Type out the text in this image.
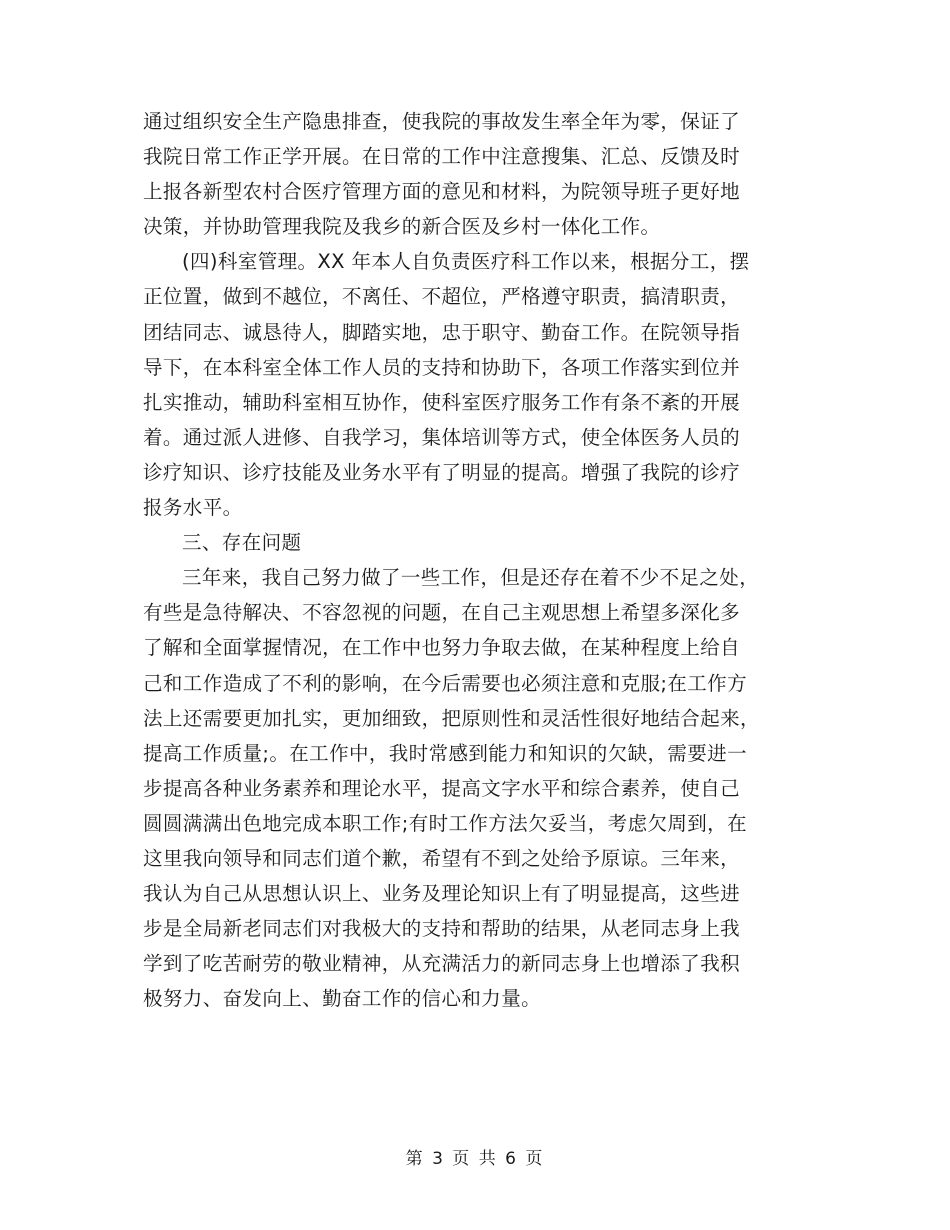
通过组织安全生产隐患排查，使我院的事故发生率全年为零，保证了
我院日常工作正学开展。在日常的工作中注意搜集、汇总、反馈及时
上报各新型农村合医疗管理方面的意见和材料，为院领导班子更好地
决策，并协助管理我院及我乡的新合医及乡村一体化工作。
(四)科室管理。XX 年本人自负责医疗科工作以来，根据分工，摆
正位置，做到不越位，不离任、不超位，严格遵守职责，搞清职责，
团结同志、诚恳待人，脚踏实地，忠于职守、勤奋工作。在院领导指
导下，在本科室全体工作人员的支持和协助下，各项工作落实到位并
扎实推动，辅助科室相互协作，使科室医疗服务工作有条不紊的开展
着。通过派人进修、自我学习，集体培训等方式，使全体医务人员的
诊疗知识、诊疗技能及业务水平有了明显的提高。增强了我院的诊疗
报务水平。
三、存在问题
三年来，我自己努力做了一些工作，但是还存在着不少不足之处，
有些是急待解决、不容忽视的问题，在自己主观思想上希望多深化多
了解和全面掌握情况，在工作中也努力争取去做，在某种程度上给自
己和工作造成了不利的影响，在今后需要也必须注意和克服;在工作方
法上还需要更加扎实，更加细致，把原则性和灵活性很好地结合起来，
提高工作质量;。在工作中，我时常感到能力和知识的欠缺，需要进一
步提高各种业务素养和理论水平，提高文字水平和综合素养，使自己
圆圆满满出色地完成本职工作;有时工作方法欠妥当，考虑欠周到，在
这里我向领导和同志们道个歉，希望有不到之处给予原谅。三年来，
我认为自己从思想认识上、业务及理论知识上有了明显提高，这些进
步是全局新老同志们对我极大的支持和帮助的结果，从老同志身上我
学到了吃苦耐劳的敬业精神，从充满活力的新同志身上也增添了我积
极努力、奋发向上、勤奋工作的信心和力量。
第 3 页 共 6 页
